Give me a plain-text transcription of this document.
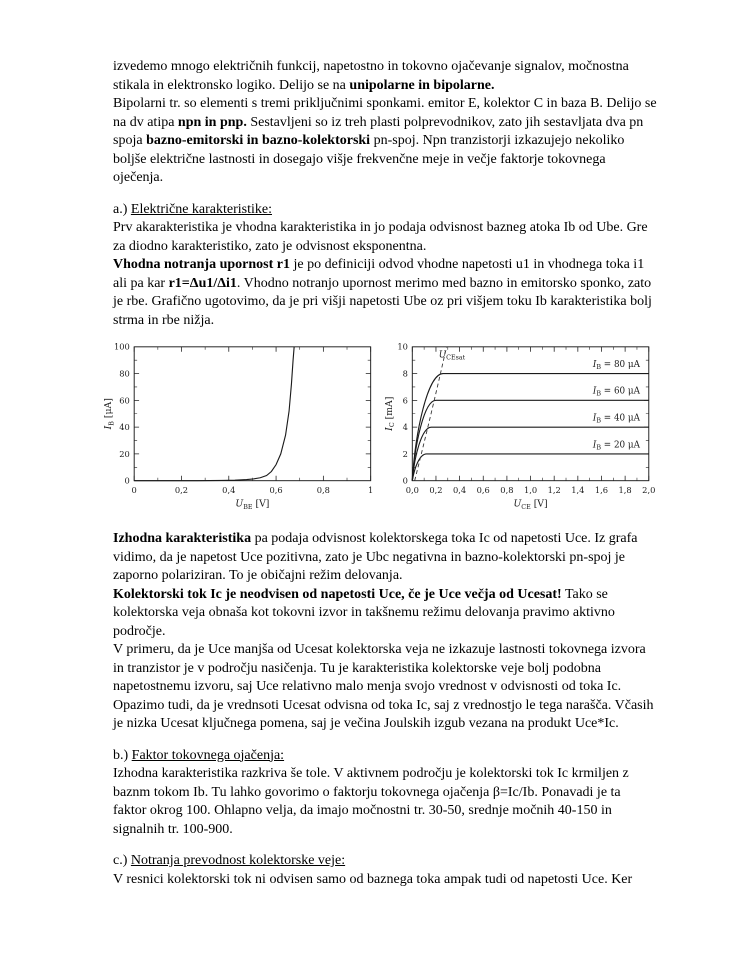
izvedemo mnogo električnih funkcij, napetostno in tokovno ojačevanje signalov, močnostna stikala in elektronsko logiko. Delijo se na unipolarne in bipolarne.
Bipolarni tr. so elementi s tremi priključnimi sponkami. emitor E, kolektor C in baza B. Delijo se na dv atipa npn in pnp. Sestavljeni so iz treh plasti polprevodnikov, zato jih sestavljata dva pn spoja bazno-emitorski in bazno-kolektorski pn-spoj. Npn tranzistorji izkazujejo nekoliko boljše električne lastnosti in dosegajo višje frekvenčne meje in večje faktorje tokovnega oječenja.

a.) Električne karakteristike:

Prv akarakteristika je vhodna karakteristika in jo podaja odvisnost bazneg atoka Ib od Ube. Gre za diodno karakteristiko, zato je odvisnost eksponentna.
Vhodna notranja upornost r1 je po definiciji odvod vhodne napetosti u1 in vhodnega toka i1 ali pa kar r1=Δu1/Δi1. Vhodno notranjo upornost merimo med bazno in emitorsko sponko, zato je rbe. Grafično ugotovimo, da je pri višji napetosti Ube oz pri višjem toku Ib karakteristika bolj strma in rbe nižja.

0	0,2	0,4	0,6	0,8	1
0
20
40
60
80
100
$U_{BE}$ [V]
$I_B$ [μA]
$U_{CEsat}$
$I_B = 80$ μA
$I_B = 60$ μA
$I_B = 40$ μA
$I_B = 20$ μA
0,0 0,2 0,4 0,6 0,8 1,0 1,2 1,4 1,6 1,8 2,0
0
2
4
6
8
10
$U_{CE}$ [V]
$I_C$ [mA]

Izhodna karakteristika pa podaja odvisnost kolektorskega toka Ic od napetosti Uce. Iz grafa vidimo, da je napetost Uce pozitivna, zato je Ubc negativna in bazno-kolektorski pn-spoj je zaporno polariziran. To je običajni režim delovanja.
Kolektorski tok Ic je neodvisen od napetosti Uce, če je Uce večja od Ucesat! Tako se kolektorska veja obnaša kot tokovni izvor in takšnemu režimu delovanja pravimo aktivno področje.
V primeru, da je Uce manjša od Ucesat kolektorska veja ne izkazuje lastnosti tokovnega izvora in tranzistor je v področju nasičenja. Tu je karakteristika kolektorske veje bolj podobna napetostnemu izvoru, saj Uce relativno malo menja svojo vrednost v odvisnosti od toka Ic. Opazimo tudi, da je vrednsoti Ucesat odvisna od toka Ic, saj z vrednostjo le tega narašča. Včasih je nizka Ucesat ključnega pomena, saj je večina Joulskih izgub vezana na produkt Uce*Ic.

b.) Faktor tokovnega ojačenja:

Izhodna karakteristika razkriva še tole. V aktivnem področju je kolektorski tok Ic krmiljen z baznm tokom Ib. Tu lahko govorimo o faktorju tokovnega ojačenja β=Ic/Ib. Ponavadi je ta faktor okrog 100. Ohlapno velja, da imajo močnostni tr. 30-50, srednje močnih 40-150 in signalnih tr. 100-900.

c.) Notranja prevodnost kolektorske veje:

V resnici kolektorski tok ni odvisen samo od baznega toka ampak tudi od napetosti Uce. Ker
